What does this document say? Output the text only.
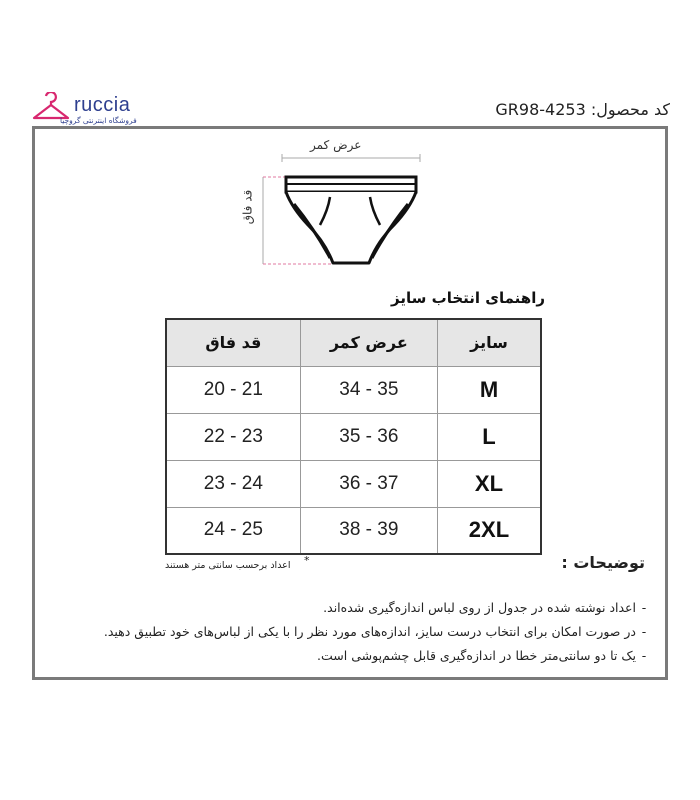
ruccia
فروشگاه اینترنتی گروچیا
کد محصول: GR98-4253
عرض کمر
قد فاق
راهنمای انتخاب سایز
قد فاق	عرض کمر	سایز
20 - 21	34 - 35	M
22 - 23	35 - 36	L
23 - 24	36 - 37	XL
24 - 25	38 - 39	2XL
*
اعداد برحسب سانتی متر هستند	توضیحات :
-اعداد نوشته شده در جدول از روی لباس اندازه‌گیری شده‌اند.
-در صورت امکان برای انتخاب درست سایز، اندازه‌های مورد نظر را با یکی از لباس‌های خود تطبیق دهید.
-یک تا دو سانتی‌متر خطا در اندازه‌گیری قابل چشم‌پوشی است.
